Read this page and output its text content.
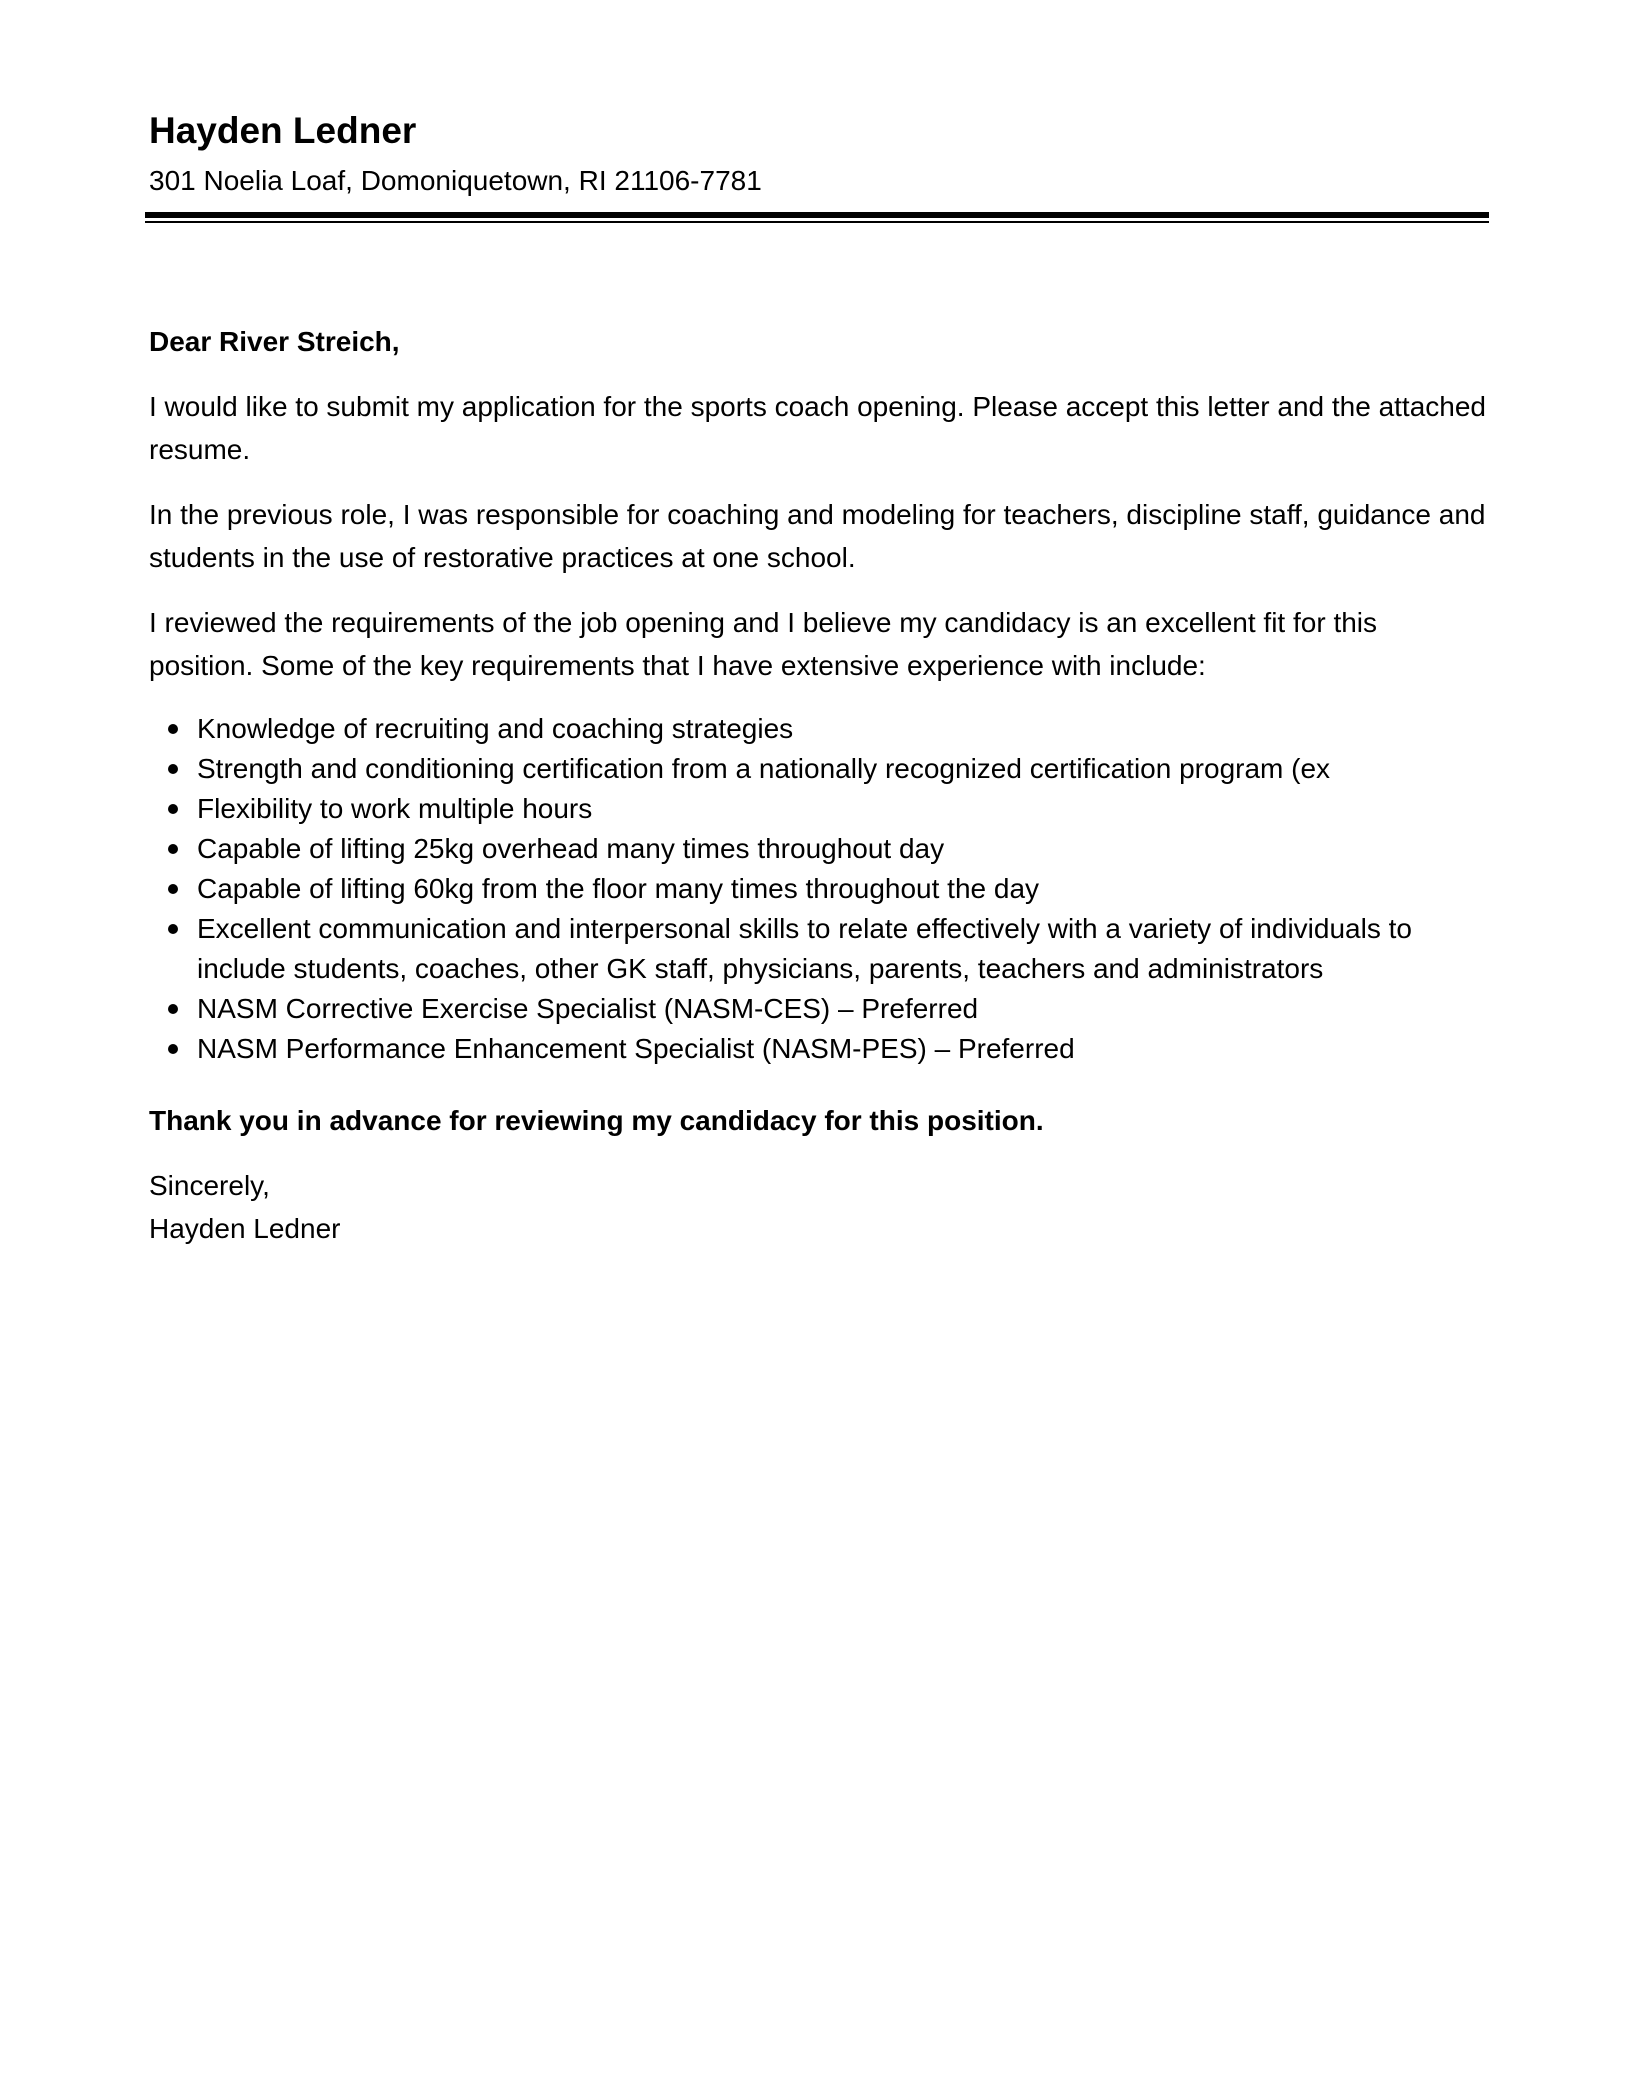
Hayden Ledner
301 Noelia Loaf, Domoniquetown, RI 21106-7781

Dear River Streich,

I would like to submit my application for the sports coach opening. Please accept this letter and the attached resume.

In the previous role, I was responsible for coaching and modeling for teachers, discipline staff, guidance and students in the use of restorative practices at one school.

I reviewed the requirements of the job opening and I believe my candidacy is an excellent fit for this position. Some of the key requirements that I have extensive experience with include:

Knowledge of recruiting and coaching strategies
Strength and conditioning certification from a nationally recognized certification program (ex
Flexibility to work multiple hours
Capable of lifting 25kg overhead many times throughout day
Capable of lifting 60kg from the floor many times throughout the day
Excellent communication and interpersonal skills to relate effectively with a variety of individuals to include students, coaches, other GK staff, physicians, parents, teachers and administrators
NASM Corrective Exercise Specialist (NASM-CES) – Preferred
NASM Performance Enhancement Specialist (NASM-PES) – Preferred

Thank you in advance for reviewing my candidacy for this position.

Sincerely,

Hayden Ledner
